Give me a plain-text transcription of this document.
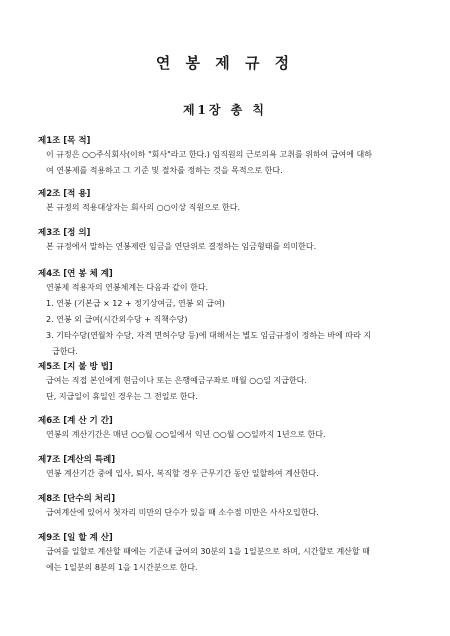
연 봉 제 규 정
제1장 총 칙
제1조 [목 적]
이 규정은 ○○주식회사(이하 "회사"라고 한다.) 임직원의 근로의욕 고취를 위하여 급여에 대하
여 연봉제를 적용하고 그 기준 및 절차를 정하는 것을 목적으로 한다.
제2조 [적 용]
본 규정의 적용대상자는 회사의 ○○이상 직원으로 한다.
제3조 [정 의]
본 규정에서 말하는 연봉제란 임금을 연단위로 결정하는 임금형태를 의미한다.
제4조 [연 봉 체 계]
연봉제 적용자의 연봉체계는 다음과 같이 한다.
1. 연봉 (기본급 × 12 + 정기상여금, 연봉 외 급여)
2. 연봉 외 급여(시간외수당 + 직책수당)
3. 기타수당(연월차 수당, 자격 면허수당 등)에 대해서는 별도 임금규정이 정하는 바에 따라 지
급한다.
제5조 [지 불 방 법]
급여는 직접 본인에게 현금이나 또는 은행예금구좌로 매월 ○○일 지급한다.
단, 지급일이 휴일인 경우는 그 전일로 한다.
제6조 [계 산 기 간]
연봉의 계산기간은 매년 ○○월 ○○일에서 익년 ○○월 ○○일까지 1년으로 한다.
제7조 [계산의 특례]
연봉 계산기간 중에 입사, 퇴사, 복직할 경우 근무기간 동안 일할하여 계산한다.
제8조 [단수의 처리]
급여계산에 있어서 첫자리 미만의 단수가 있을 때 소수점 미만은 사사오입한다.
제9조 [일 할 계 산]
급여를 일할로 계산할 때에는 기준내 급여의 30분의 1을 1일분으로 하며, 시간할로 계산할 때
에는 1일분의 8분의 1을 1시간분으로 한다.
